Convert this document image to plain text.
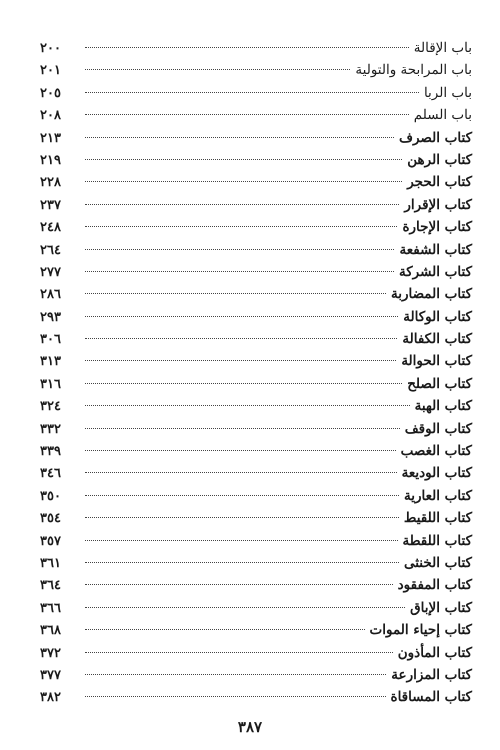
باب الإقالة
٢٠٠
باب المرابحة والتولية
٢٠١
باب الربا
٢٠٥
باب السلم
٢٠٨
كتاب الصرف
٢١٣
كتاب الرهن
٢١٩
كتاب الحجر
٢٢٨
كتاب الإقرار
٢٣٧
كتاب الإجارة
٢٤٨
كتاب الشفعة
٢٦٤
كتاب الشركة
٢٧٧
كتاب المضاربة
٢٨٦
كتاب الوكالة
٢٩٣
كتاب الكفالة
٣٠٦
كتاب الحوالة
٣١٣
كتاب الصلح
٣١٦
كتاب الهبة
٣٢٤
كتاب الوقف
٣٣٢
كتاب الغصب
٣٣٩
كتاب الوديعة
٣٤٦
كتاب العارية
٣٥٠
كتاب اللقيط
٣٥٤
كتاب اللقطة
٣٥٧
كتاب الخنثى
٣٦١
كتاب المفقود
٣٦٤
كتاب الإباق
٣٦٦
كتاب إحياء الموات
٣٦٨
كتاب المأذون
٣٧٢
كتاب المزارعة
٣٧٧
كتاب المساقاة
٣٨٢
٣٨٧
